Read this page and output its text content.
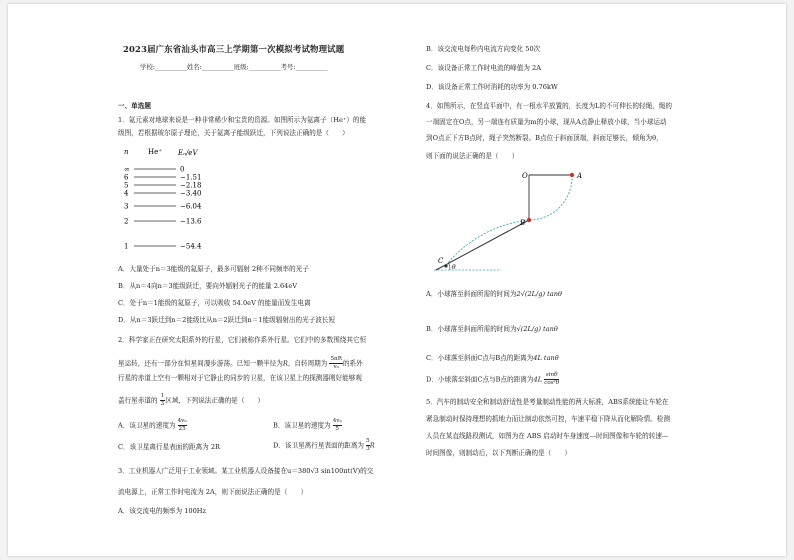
2023届广东省汕头市高三上学期第一次模拟考试物理试题
学校:__________姓名:__________班级:__________考号:__________
一、单选题
1．氦元素对地球来说是一种非常稀少和宝贵的资源。如图所示为氦离子（He⁺）的能
级图，若根据玻尔原子理论，关于氦离子能级跃迁，下列说法正确的是（　　）
n	He⁺ Eₙ/eV
∞	0
6	−1.51
5	−2.18
4	−3.40
3	−6.04
2	−13.6
1	−54.4
A．大量处于n＝3能级的氦原子，最多可辐射 2种不同频率的光子
B．从n＝4向n＝3能级跃迁，要向外辐射光子的能量 2.64eV
C．处于n＝1能级的氦原子，可以吸收 54.0eV 的能量而发生电离
D．从n＝3跃迁到n＝2能级比从n＝2跃迁到n＝1能级辐射出的光子波长短
2．科学家正在研究太阳系外的行星，它们被称作系外行星。它们中的多数围绕其它恒
星运转，还有一部分在恒星间漫步游荡。已知一颗半径为R，自转周期为 $\frac{5\pi R}{\text{v₀}}$ 的系外
行星的赤道上空有一颗相对于它静止的同步的卫星，在该卫星上的探测器刚好能够观
盖行星赤道的 $\frac{1}{3}$ 区域，下列说法正确的是（　　）
A．该卫星的速度为 $\frac{\text{4v₀}}{25}$	B．该卫星的速度为 $\frac{\text{4v₀}}{5}$
C．该卫星离行星表面的距离为 2R	D．该卫星离行星表面的距离为 $\frac{5}{3}$ R
3．工业机器人广泛用于工业领域。某工业机器人设备接在u＝380√3 sin100πt(V)的交
流电源上，正常工作时电流为 2A，则下面说法正确的是（　　）
A．该交流电的频率为 100Hz
B．该交流电每秒内电流方向变化 50次
C．该设备正常工作时电流的峰值为 2A
D．该设备正常工作时消耗的功率为 0.76kW
4．如图所示，在竖直平面中，有一根水平放置的，长度为L的不可伸长的轻绳，绳的
一端固定在O点，另一端连有质量为m的小球，现从A点静止释放小球，当小球运动
到O点正下方B点时，绳子突然断裂。B点位于斜面顶端，斜面足够长，倾角为θ，
则下面的说法正确的是（　　）
O	A
B
C
θ
A．小球落至斜面所需的时间为2√(2L/g) tanθ
B．小球落至斜面所需的时间为√(2L/g) tanθ
C．小球落至斜面C点与B点的距离为4L tanθ
D．小球落至斜面C点与B点的距离为$4L \frac{\sin\theta}{\text{cos²θ}}$
5．汽车的制动安全和制动舒适性是考量制动性能的两大标准，ABS系统能让车轮在
紧急制动时保持理想的抓地力而让制动依然可控，车速平稳下降从而化解险情。检测
人员在某直线路段测试，如图为在 ABS 启动时车身速度—时间图像和车轮的转速—
时间图像，则制动后，以下判断正确的是（　　）
